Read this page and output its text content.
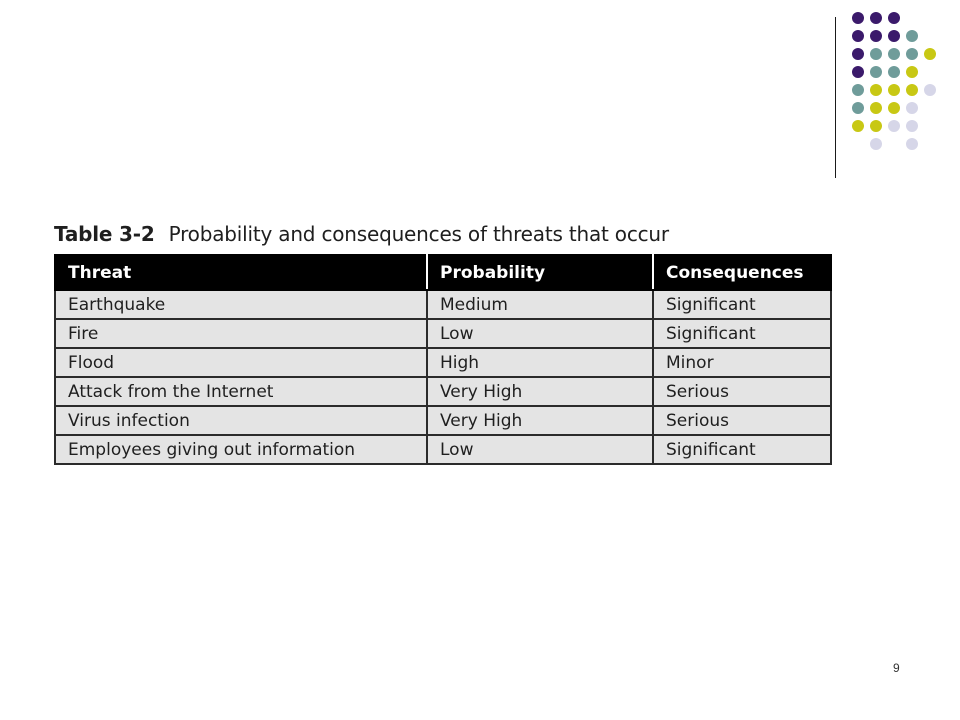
Table 3-2 Probability and consequences of threats that occur
Threat	Probability	Consequences
Earthquake	Medium	Significant
Fire	Low	Significant
Flood	High	Minor
Attack from the Internet	Very High	Serious
Virus infection	Very High	Serious
Employees giving out information	Low	Significant
9
